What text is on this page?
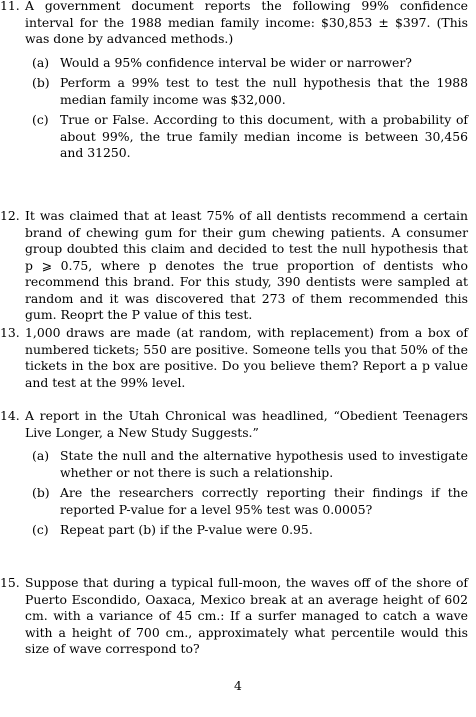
11. A government document reports the following 99% confidence interval for the 1988 median family income: $30,853 ± $397. (This was done by advanced methods.)
(a) Would a 95% confidence interval be wider or narrower?
(b) Perform a 99% test to test the null hypothesis that the 1988 median family income was $32,000.
(c) True or False. According to this document, with a probability of about 99%, the true family median income is between 30,456 and 31250.
12. It was claimed that at least 75% of all dentists recommend a certain brand of chewing gum for their gum chewing patients. A consumer group doubted this claim and decided to test the null hypothesis that p ⩾ 0.75, where p denotes the true proportion of dentists who recommend this brand. For this study, 390 dentists were sampled at random and it was discovered that 273 of them recommended this gum. Reoprt the P value of this test.
13. 1,000 draws are made (at random, with replacement) from a box of numbered tickets; 550 are positive. Someone tells you that 50% of the tickets in the box are positive. Do you believe them? Report a p value and test at the 99% level.
14. A report in the Utah Chronical was headlined, “Obedient Teenagers Live Longer, a New Study Suggests.”
(a) State the null and the alternative hypothesis used to investigate whether or not there is such a relationship.
(b) Are the researchers correctly reporting their findings if the reported P-value for a level 95% test was 0.0005?
(c) Repeat part (b) if the P-value were 0.95.
15. Suppose that during a typical full-moon, the waves off of the shore of Puerto Escondido, Oaxaca, Mexico break at an average height of 602 cm. with a variance of 45 cm.: If a surfer managed to catch a wave with a height of 700 cm., approximately what percentile would this size of wave correspond to?
4
